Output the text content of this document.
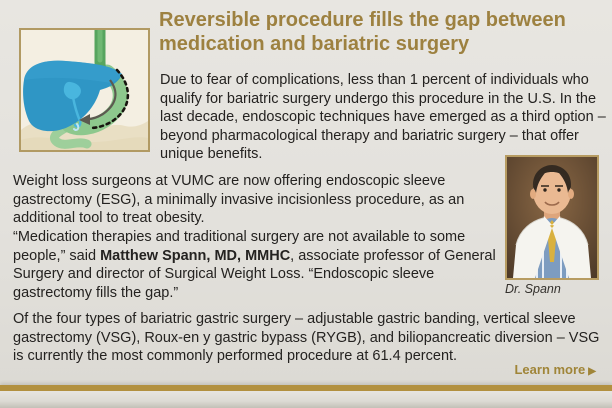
Reversible procedure fills the gap between medication and bariatric surgery

Due to fear of complications, less than 1 percent of individuals who qualify for bariatric surgery undergo this procedure in the U.S. In the last decade, endoscopic techniques have emerged as a third option – beyond pharmacological therapy and bariatric surgery – that offer unique benefits.

Weight loss surgeons at VUMC are now offering endoscopic sleeve gastrectomy (ESG), a minimally invasive incisionless procedure, as an additional tool to treat obesity.

“Medication therapies and traditional surgery are not available to some people,” said Matthew Spann, MD, MMHC, associate professor of General Surgery and director of Surgical Weight Loss. “Endoscopic sleeve gastrectomy fills the gap.”

Of the four types of bariatric gastric surgery – adjustable gastric banding, vertical sleeve gastrectomy (VSG), Roux-en y gastric bypass (RYGB), and biliopancreatic diversion – VSG is currently the most commonly performed procedure at 61.4 percent.

Dr. Spann
Learn more ▶
